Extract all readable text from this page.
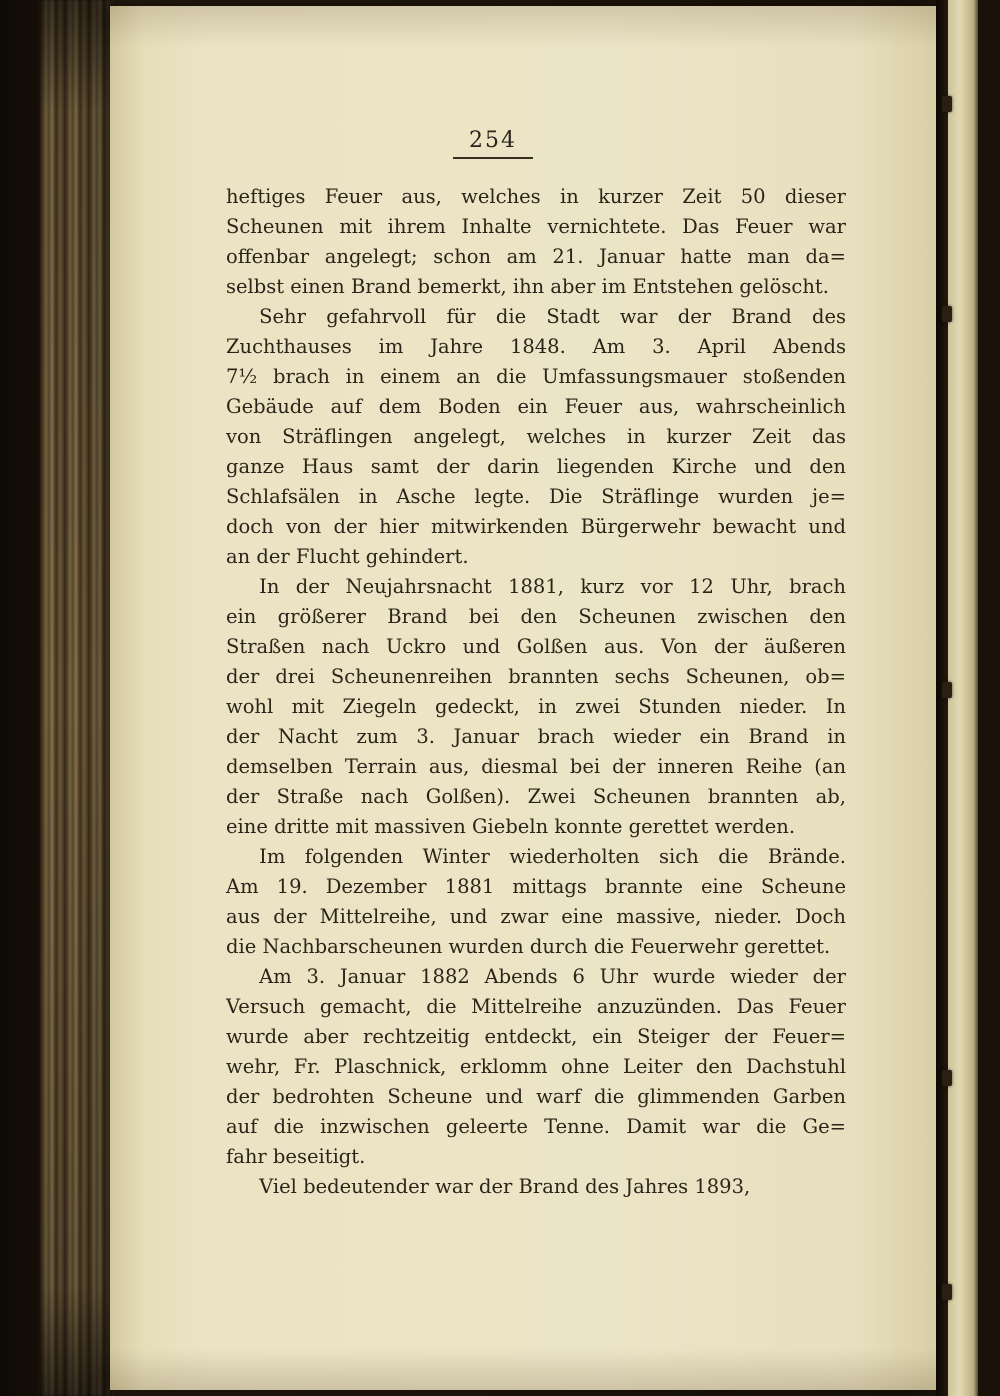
254

heftiges Feuer aus, welches in kurzer Zeit 50 dieser
Scheunen mit ihrem Inhalte vernichtete. Das Feuer war
offenbar angelegt; schon am 21. Januar hatte man da=
selbst einen Brand bemerkt, ihn aber im Entstehen gelöscht.

Sehr gefahrvoll für die Stadt war der Brand des
Zuchthauses im Jahre 1848. Am 3. April Abends
7½ brach in einem an die Umfassungsmauer stoßenden
Gebäude auf dem Boden ein Feuer aus, wahrscheinlich
von Sträflingen angelegt, welches in kurzer Zeit das
ganze Haus samt der darin liegenden Kirche und den
Schlafsälen in Asche legte. Die Sträflinge wurden je=
doch von der hier mitwirkenden Bürgerwehr bewacht und
an der Flucht gehindert.

In der Neujahrsnacht 1881, kurz vor 12 Uhr, brach
ein größerer Brand bei den Scheunen zwischen den
Straßen nach Uckro und Golßen aus. Von der äußeren
der drei Scheunenreihen brannten sechs Scheunen, ob=
wohl mit Ziegeln gedeckt, in zwei Stunden nieder. In
der Nacht zum 3. Januar brach wieder ein Brand in
demselben Terrain aus, diesmal bei der inneren Reihe (an
der Straße nach Golßen). Zwei Scheunen brannten ab,
eine dritte mit massiven Giebeln konnte gerettet werden.

Im folgenden Winter wiederholten sich die Brände.
Am 19. Dezember 1881 mittags brannte eine Scheune
aus der Mittelreihe, und zwar eine massive, nieder. Doch
die Nachbarscheunen wurden durch die Feuerwehr gerettet.

Am 3. Januar 1882 Abends 6 Uhr wurde wieder der
Versuch gemacht, die Mittelreihe anzuzünden. Das Feuer
wurde aber rechtzeitig entdeckt, ein Steiger der Feuer=
wehr, Fr. Plaschnick, erklomm ohne Leiter den Dachstuhl
der bedrohten Scheune und warf die glimmenden Garben
auf die inzwischen geleerte Tenne. Damit war die Ge=
fahr beseitigt.

Viel bedeutender war der Brand des Jahres 1893,
